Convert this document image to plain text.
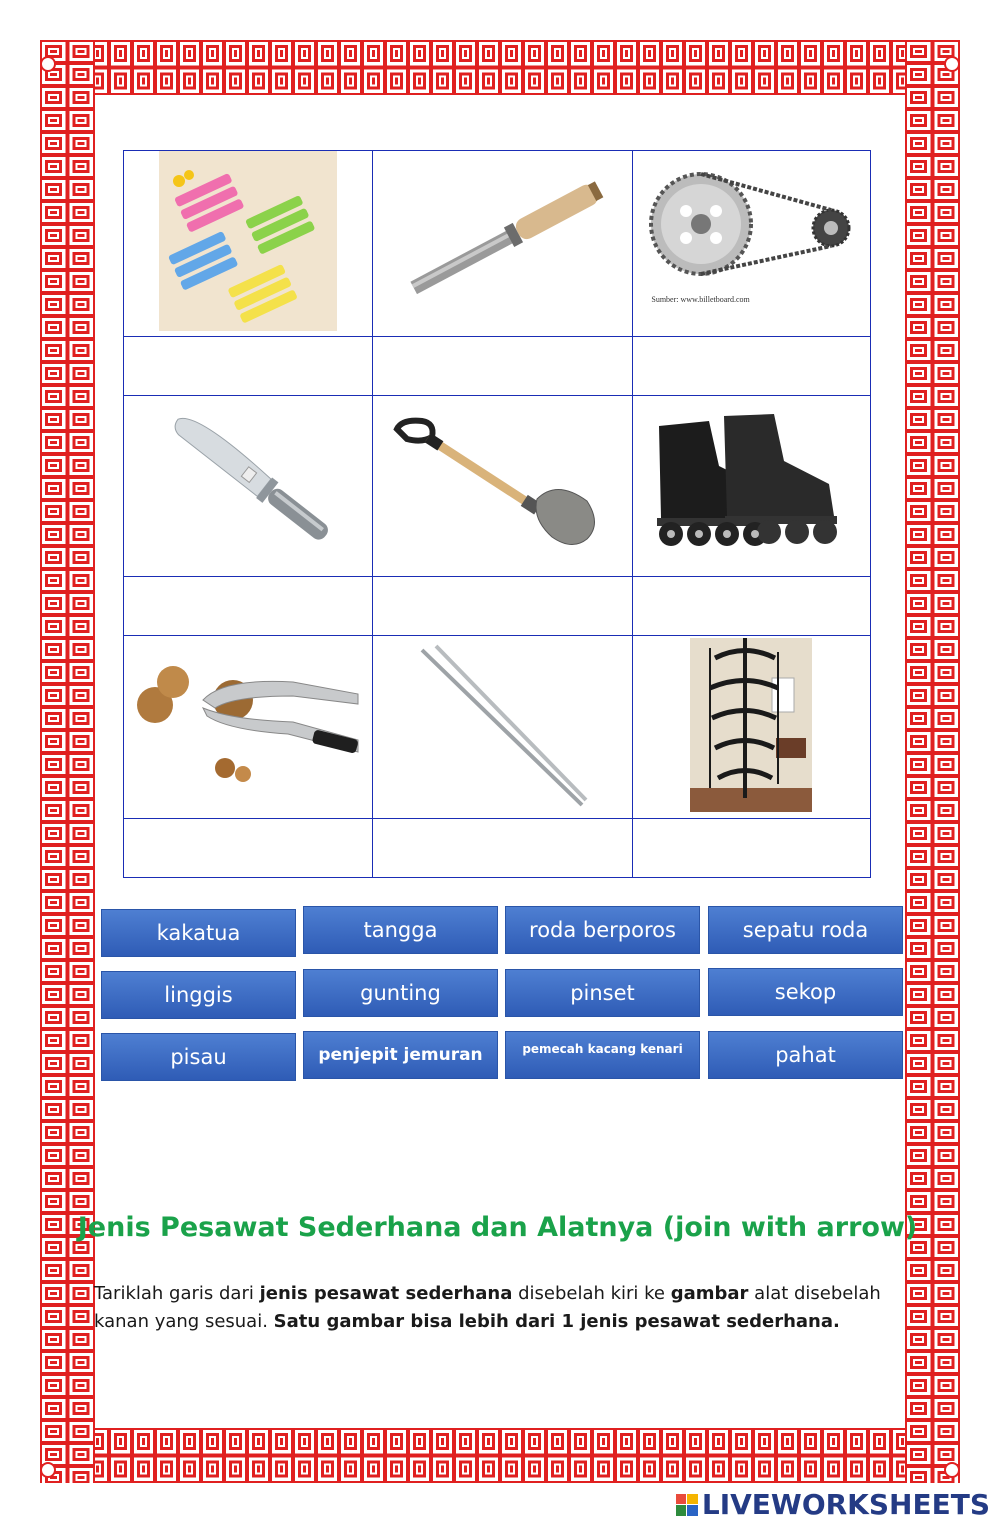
Sumber: www.billetboard.com

kakatua	tangga	roda berporos	sepatu roda
linggis	gunting	pinset	sekop
pisau	penjepit jemuran	pemecah kacang kenari	pahat
Jenis Pesawat Sederhana dan Alatnya (join with arrow)
Tariklah garis dari jenis pesawat sederhana disebelah kiri ke gambar alat disebelah kanan yang sesuai. Satu gambar bisa lebih dari 1 jenis pesawat sederhana.
LIVEWORKSHEETS
